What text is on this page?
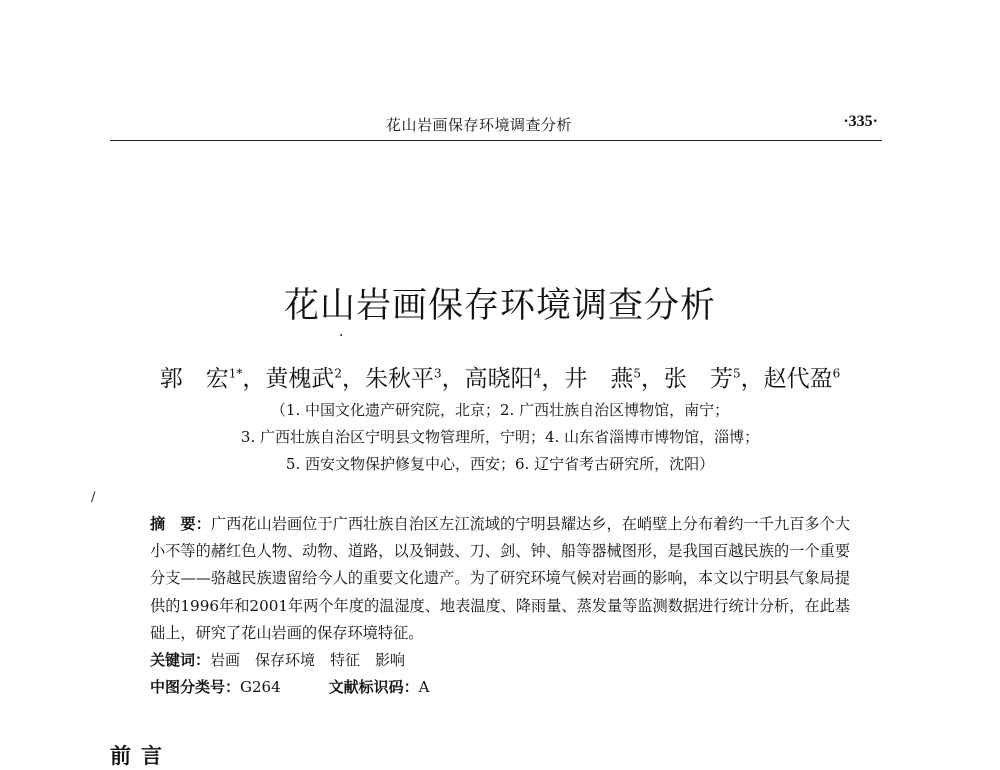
花山岩画保存环境调查分析	·335·
花山岩画保存环境调查分析
·
郭　宏$^{1*}$，黄槐武$^2$，朱秋平$^3$，高晓阳$^4$，井　燕$^5$，张　芳$^5$，赵代盈$^6$
（1. 中国文化遗产研究院，北京；2. 广西壮族自治区博物馆，南宁；
3. 广西壮族自治区宁明县文物管理所，宁明；4. 山东省淄博市博物馆，淄博；
5. 西安文物保护修复中心，西安；6. 辽宁省考古研究所，沈阳）
/

摘　要：广西花山岩画位于广西壮族自治区左江流域的宁明县耀达乡，在峭壁上分布着约一千九百多个大小不等的赭红色人物、动物、道路，以及铜鼓、刀、剑、钟、船等器械图形，是我国百越民族的一个重要分支——骆越民族遗留给今人的重要文化遗产。为了研究环境气候对岩画的影响，本文以宁明县气象局提供的1996年和2001年两个年度的温湿度、地表温度、降雨量、蒸发量等监测数据进行统计分析，在此基础上，研究了花山岩画的保存环境特征。

关键词：岩画　保存环境　特征　影响
中图分类号：G264	文献标识码：A
前言
